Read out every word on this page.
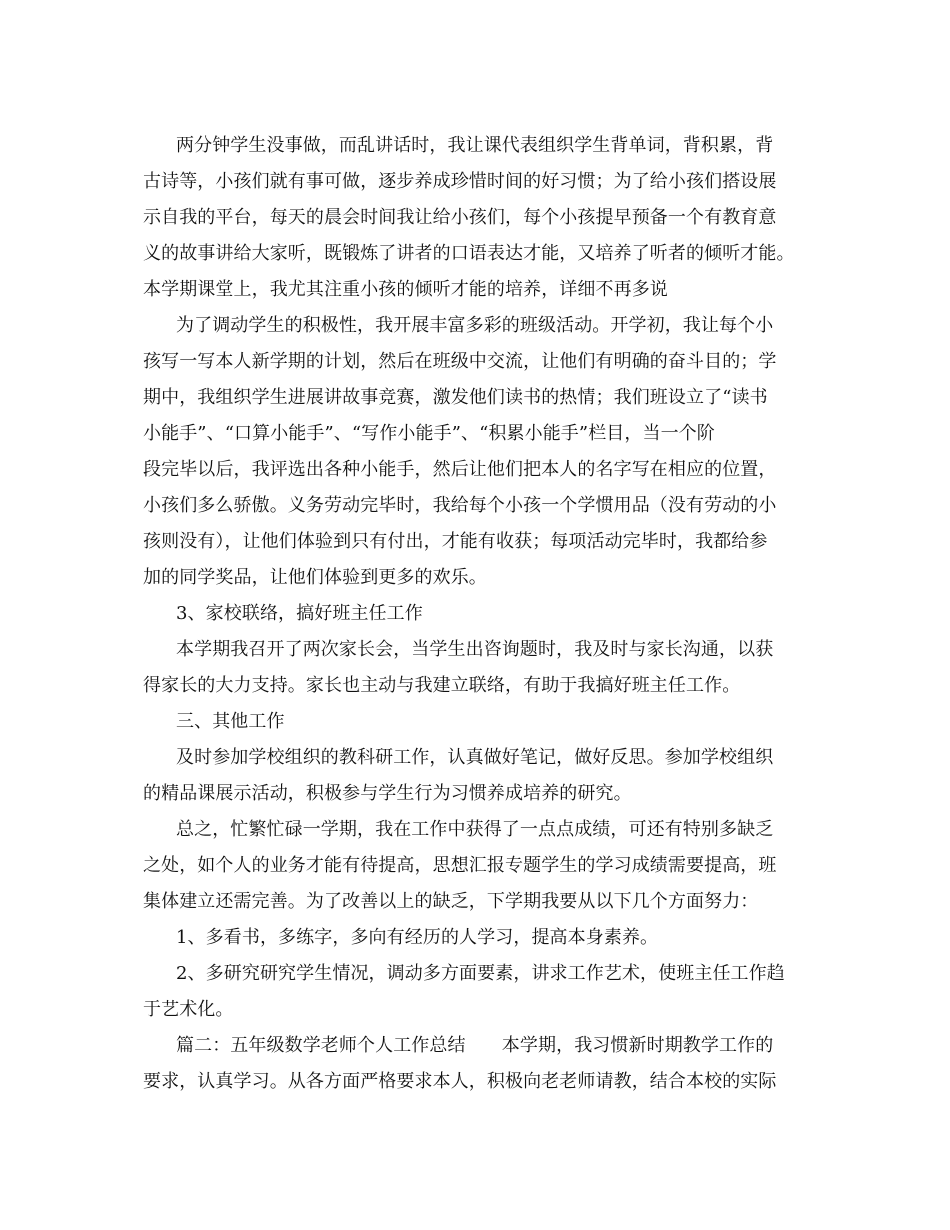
两分钟学生没事做，而乱讲话时，我让课代表组织学生背单词，背积累，背
古诗等，小孩们就有事可做，逐步养成珍惜时间的好习惯；为了给小孩们搭设展
示自我的平台，每天的晨会时间我让给小孩们，每个小孩提早预备一个有教育意
义的故事讲给大家听，既锻炼了讲者的口语表达才能，又培养了听者的倾听才能。
本学期课堂上，我尤其注重小孩的倾听才能的培养，详细不再多说
为了调动学生的积极性，我开展丰富多彩的班级活动。开学初，我让每个小
孩写一写本人新学期的计划，然后在班级中交流，让他们有明确的奋斗目的；学
期中，我组织学生进展讲故事竞赛，激发他们读书的热情；我们班设立了“读书
小能手”、“口算小能手”、“写作小能手”、“积累小能手”栏目，当一个阶
段完毕以后，我评选出各种小能手，然后让他们把本人的名字写在相应的位置，
小孩们多么骄傲。义务劳动完毕时，我给每个小孩一个学惯用品（没有劳动的小
孩则没有），让他们体验到只有付出，才能有收获；每项活动完毕时，我都给参
加的同学奖品，让他们体验到更多的欢乐。
3、家校联络，搞好班主任工作
本学期我召开了两次家长会，当学生出咨询题时，我及时与家长沟通，以获
得家长的大力支持。家长也主动与我建立联络，有助于我搞好班主任工作。
三、其他工作
及时参加学校组织的教科研工作，认真做好笔记，做好反思。参加学校组织
的精品课展示活动，积极参与学生行为习惯养成培养的研究。
总之，忙繁忙碌一学期，我在工作中获得了一点点成绩，可还有特别多缺乏
之处，如个人的业务才能有待提高，思想汇报专题学生的学习成绩需要提高，班
集体建立还需完善。为了改善以上的缺乏，下学期我要从以下几个方面努力：
1、多看书，多练字，多向有经历的人学习，提高本身素养。
2、多研究研究学生情况，调动多方面要素，讲求工作艺术，使班主任工作趋
于艺术化。
篇二：五年级数学老师个人工作总结　　本学期，我习惯新时期教学工作的
要求，认真学习。从各方面严格要求本人，积极向老老师请教，结合本校的实际
